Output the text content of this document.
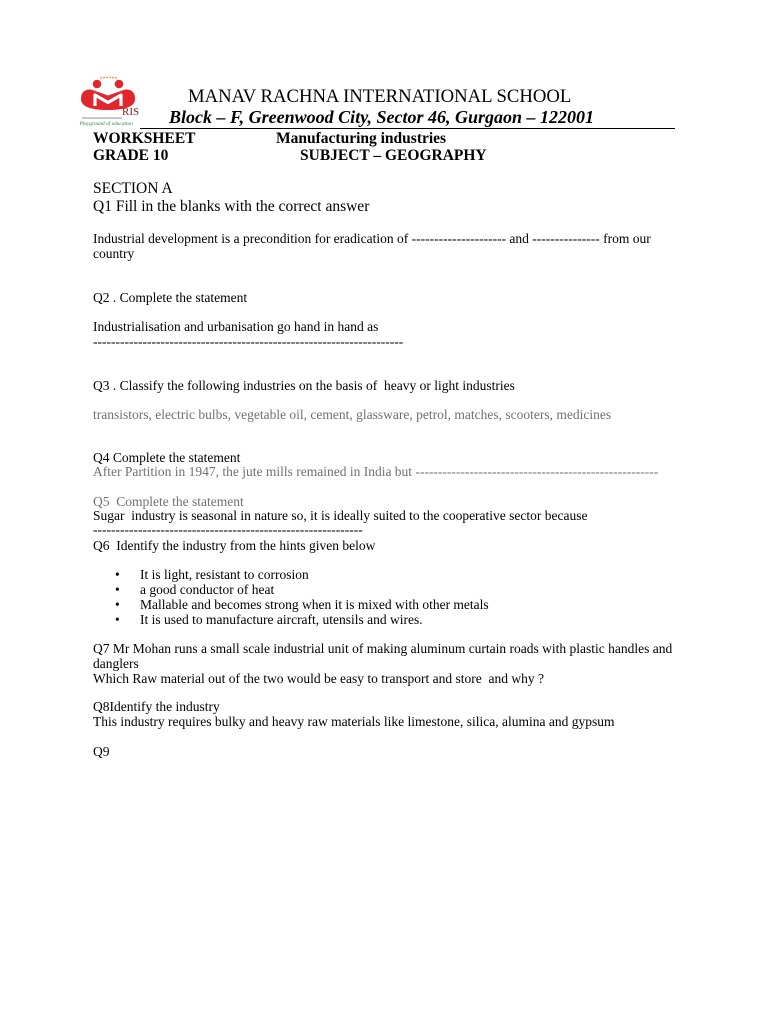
RIS
Playground of education
MANAV RACHNA INTERNATIONAL SCHOOL
Block – F, Greenwood City, Sector 46, Gurgaon – 122001
WORKSHEET	Manufacturing industries
GRADE 10	SUBJECT – GEOGRAPHY
SECTION A
Q1 Fill in the blanks with the correct answer

Industrial development is a precondition for eradication of --------------------- and --------------- from our country

Q2 . Complete the statement
Industrialisation and urbanisation go hand in hand as
---------------------------------------------------------------------
Q3 . Classify the following industries on the basis of  heavy or light industries
transistors, electric bulbs, vegetable oil, cement, glassware, petrol, matches, scooters, medicines
Q4 Complete the statement
After Partition in 1947, the jute mills remained in India but ------------------------------------------------------
Q5  Complete the statement
Sugar  industry is seasonal in nature so, it is ideally suited to the cooperative sector because
------------------------------------------------------------
Q6  Identify the industry from the hints given below
•
It is light, resistant to corrosion
•
a good conductor of heat
•
Mallable and becomes strong when it is mixed with other metals
•
It is used to manufacture aircraft, utensils and wires.

Q7 Mr Mohan runs a small scale industrial unit of making aluminum curtain roads with plastic handles and danglers

Which Raw material out of the two would be easy to transport and store  and why ?
Q8Identify the industry
This industry requires bulky and heavy raw materials like limestone, silica, alumina and gypsum
Q9
